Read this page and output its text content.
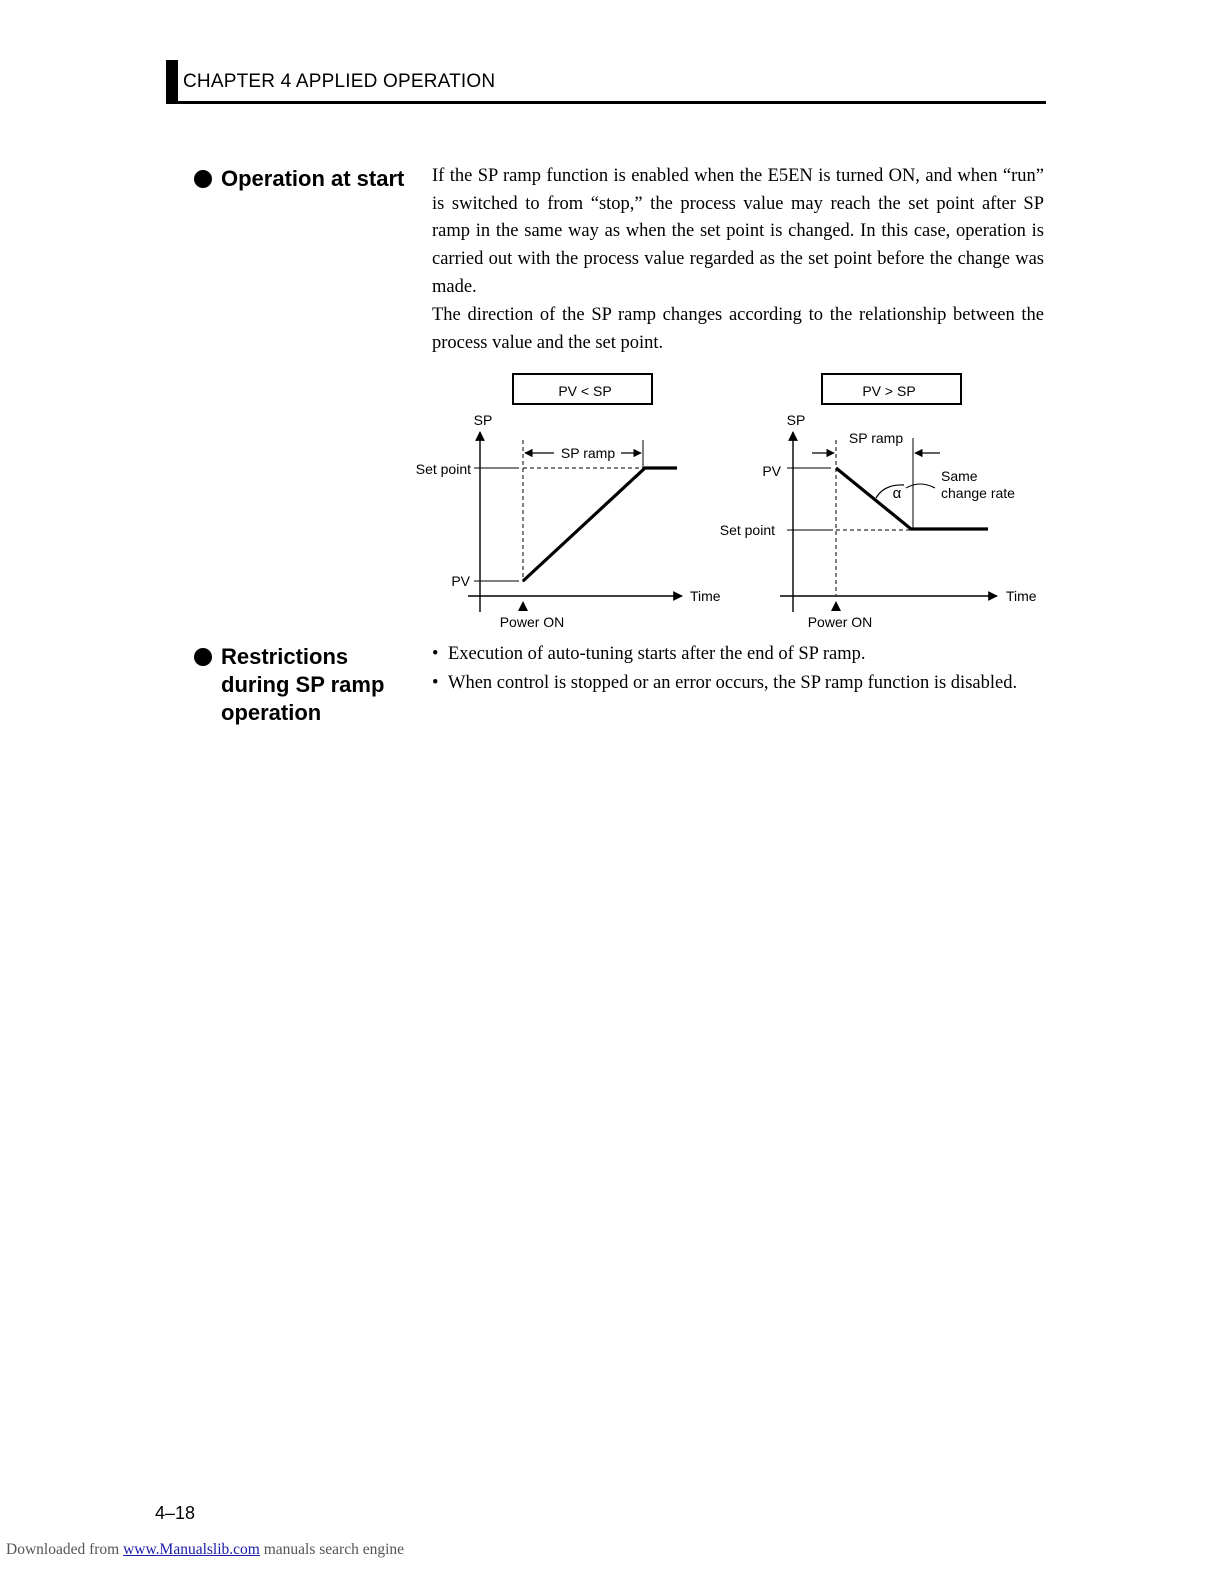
CHAPTER 4 APPLIED OPERATION
Operation at start If the SP ramp function is enabled when the E5EN is turned ON, and when “run” is switched to from “stop,” the process value may reach the set point after SP ramp in the same way as when the set point is changed. In this case, operation is carried out with the process value regarded as the set point before the change was made.
The direction of the SP ramp changes according to the relationship between the process value and the set point.
PV < SP
SP
Time
Set point
PV
SP ramp
Power ON
PV > SP
SP
Time
PV
Set point
SP ramp
α
Same
change rate
Power ON
Restrictions
during SP ramp
operation
• Execution of auto-tuning starts after the end of SP ramp.
• When control is stopped or an error occurs, the SP ramp function is disabled.
4–18
Downloaded from www.Manualslib.com manuals search engine
